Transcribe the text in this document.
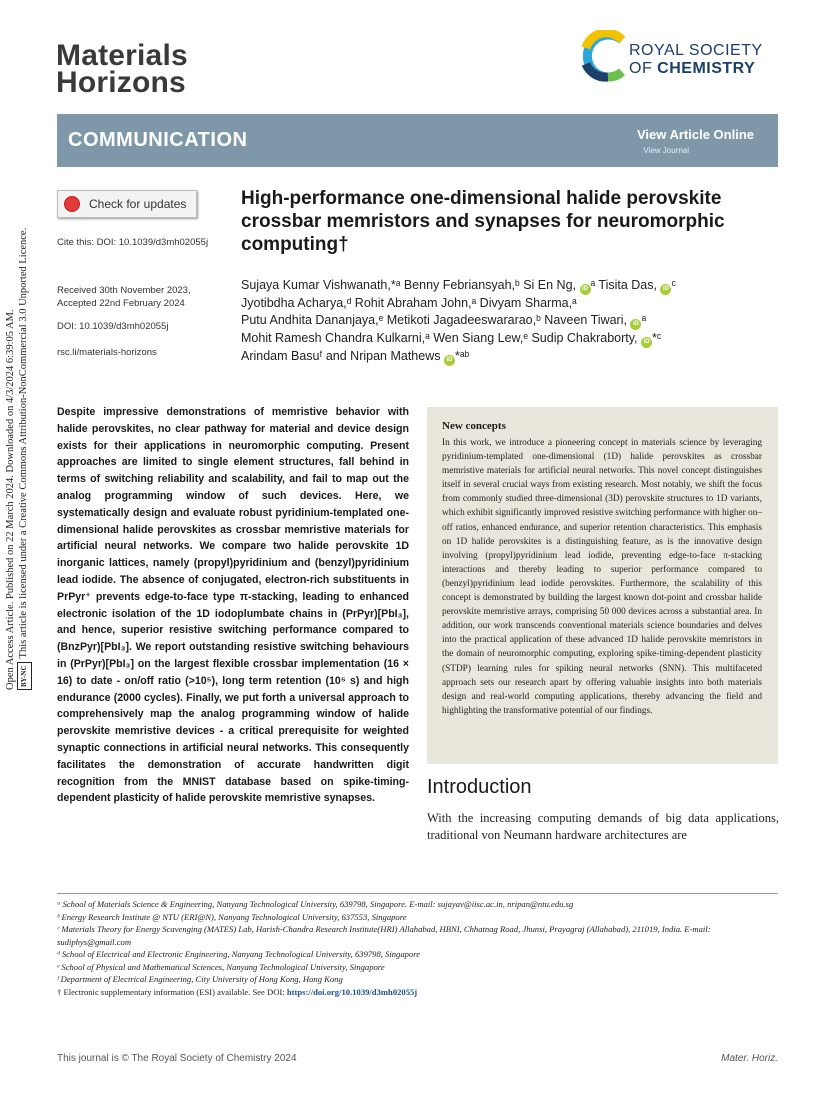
Materials
Horizons
ROYAL SOCIETY
OF CHEMISTRY
COMMUNICATION	View Article Online
View Journal
Open Access Article. Published on 22 March 2024. Downloaded on 4/3/2024 6:39:05 AM. BY-NCThis article is licensed under a Creative Commons Attribution-NonCommercial 3.0 Unported Licence.
Check for updates
Cite this: DOI: 10.1039/d3mh02055j
Received 30th November 2023,
Accepted 22nd February 2024
DOI: 10.1039/d3mh02055j
rsc.li/materials-horizons
High-performance one-dimensional halide perovskite crossbar memristors and synapses for neuromorphic computing†
Sujaya Kumar Vishwanath,*ᵃ Benny Febriansyah,ᵇ Si En Ng, iD ᵃ Tisita Das, iD ᶜ
Jyotibdha Acharya,ᵈ Rohit Abraham John,ᵃ Divyam Sharma,ᵃ
Putu Andhita Dananjaya,ᵉ Metikoti Jagadeeswararao,ᵇ Naveen Tiwari, iD ᵃ
Mohit Ramesh Chandra Kulkarni,ᵃ Wen Siang Lew,ᵉ Sudip Chakraborty, iD *ᶜ
Arindam Basuᶠ and Nripan Mathews iD *ᵃᵇ
Despite impressive demonstrations of memristive behavior with halide perovskites, no clear pathway for material and device design exists for their applications in neuromorphic computing. Present approaches are limited to single element structures, fall behind in terms of switching reliability and scalability, and fail to map out the analog programming window of such devices. Here, we systematically design and evaluate robust pyridinium-templated one-dimensional halide perovskites as crossbar memristive materials for artificial neural networks. We compare two halide perovskite 1D inorganic lattices, namely (propyl)pyridinium and (benzyl)pyridinium lead iodide. The absence of conjugated, electron-rich substituents in PrPyr⁺ prevents edge-to-face type π-stacking, leading to enhanced electronic isolation of the 1D iodoplumbate chains in (PrPyr)[PbI₃], and hence, superior resistive switching performance compared to (BnzPyr)[PbI₃]. We report outstanding resistive switching behaviours in (PrPyr)[PbI₃] on the largest flexible crossbar implementation (16 × 16) to date - on/off ratio (>10⁵), long term retention (10⁵ s) and high endurance (2000 cycles). Finally, we put forth a universal approach to comprehensively map the analog programming window of halide perovskite memristive devices - a critical prerequisite for weighted synaptic connections in artificial neural networks. This consequently facilitates the demonstration of accurate handwritten digit recognition from the MNIST database based on spike-timing-dependent plasticity of halide perovskite memristive synapses.
New concepts
In this work, we introduce a pioneering concept in materials science by leveraging pyridinium-templated one-dimensional (1D) halide perovskites as crossbar memristive materials for artificial neural networks. This novel concept distinguishes itself in several crucial ways from existing research. Most notably, we shift the focus from commonly studied three-dimensional (3D) perovskite structures to 1D variants, which exhibit significantly improved resistive switching performance with higher on–off ratios, enhanced endurance, and superior retention characteristics. This emphasis on 1D halide perovskites is a distinguishing feature, as is the innovative design involving (propyl)pyridinium lead iodide, preventing edge-to-face π-stacking interactions and thereby leading to superior performance compared to (benzyl)pyridinium lead iodide perovskites. Furthermore, the scalability of this concept is demonstrated by building the largest known dot-point and crossbar halide perovskite memristive arrays, comprising 50 000 devices across a substantial area. In addition, our work transcends conventional materials science boundaries and delves into the practical application of these advanced 1D halide perovskite memristors in the domain of neuromorphic computing, exploring spike-timing-dependent plasticity (STDP) learning rules for spiking neural networks (SNN). This multifaceted approach sets our research apart by offering valuable insights into both materials design and real-world computing applications, thereby advancing the field and highlighting the transformative potential of our findings.
Introduction
With the increasing computing demands of big data applications, traditional von Neumann hardware architectures are

ᵃ School of Materials Science & Engineering, Nanyang Technological University, 639798, Singapore. E-mail: sujayav@iisc.ac.in, nripan@ntu.edu.sg

ᵇ Energy Research Institute @ NTU (ERI@N), Nanyang Technological University, 637553, Singapore

ᶜ Materials Theory for Energy Scavenging (MATES) Lab, Harish-Chandra Research Institute(HRI) Allahabad, HBNI, Chhatnag Road, Jhunsi, Prayagraj (Allahabad), 211019, India. E-mail: sudiphys@gmail.com

ᵈ School of Electrical and Electronic Engineering, Nanyang Technological University, 639798, Singapore

ᵉ School of Physical and Mathematical Sciences, Nanyang Technological University, Singapore

ᶠ Department of Electrical Engineering, City University of Hong Kong, Hong Kong

† Electronic supplementary information (ESI) available. See DOI: https://doi.org/10.1039/d3mh02055j

This journal is © The Royal Society of Chemistry 2024	Mater. Horiz.
